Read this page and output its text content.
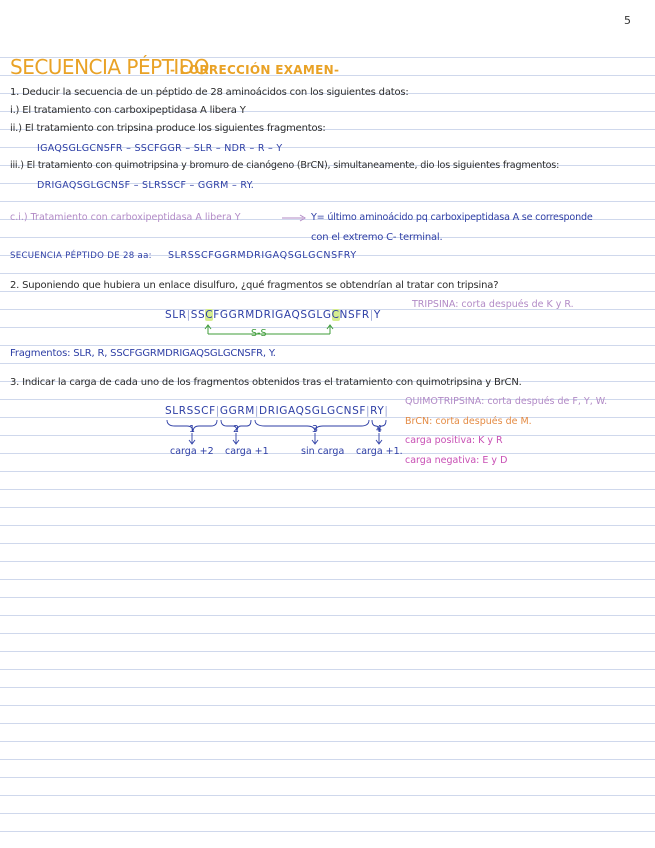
5
SECUENCIA PÉPTIDO
- CORRECCIÓN EXAMEN-
1. Deducir la secuencia de un péptido de 28 aminoácidos con los siguientes datos:
i.) El tratamiento con carboxipeptidasa A libera Y
ii.) El tratamiento con tripsina produce los siguientes fragmentos:
IGAQSGLGCNSFR – SSCFGGR – SLR – NDR – R – Y
iii.) El tratamiento con quimotripsina y bromuro de cianógeno (BrCN), simultaneamente, dio los siguientes fragmentos:
DRIGAQSGLGCNSF – SLRSSCF – GGRM – RY.
c.i.) Tratamiento con carboxipeptidasa A libera Y	Y= último aminoácido pq carboxipeptidasa A se corresponde
con el extremo C- terminal.
SECUENCIA PÉPTIDO DE 28 aa: SLRSSCFGGRMDRIGAQSGLGCNSFRY
2. Suponiendo que hubiera un enlace disulfuro, ¿qué fragmentos se obtendrían al tratar con tripsina?
SLR|SSCFGGRMDRIGAQSGLGCNSFR|Y
S-S
TRIPSINA: corta después de K y R.
Fragmentos: SLR, R, SSCFGGRMDRIGAQSGLGCNSFR, Y.
3. Indicar la carga de cada uno de los fragmentos obtenidos tras el tratamiento con quimotripsina y BrCN.
SLRSSCF|GGRM|DRIGAQSGLGCNSF|RY|
1	2	3	4
carga +2 carga +1	sin carga carga +1.
QUIMOTRIPSINA: corta después de F, Y, W.
BrCN: corta después de M.
carga positiva: K y R
carga negativa: E y D
